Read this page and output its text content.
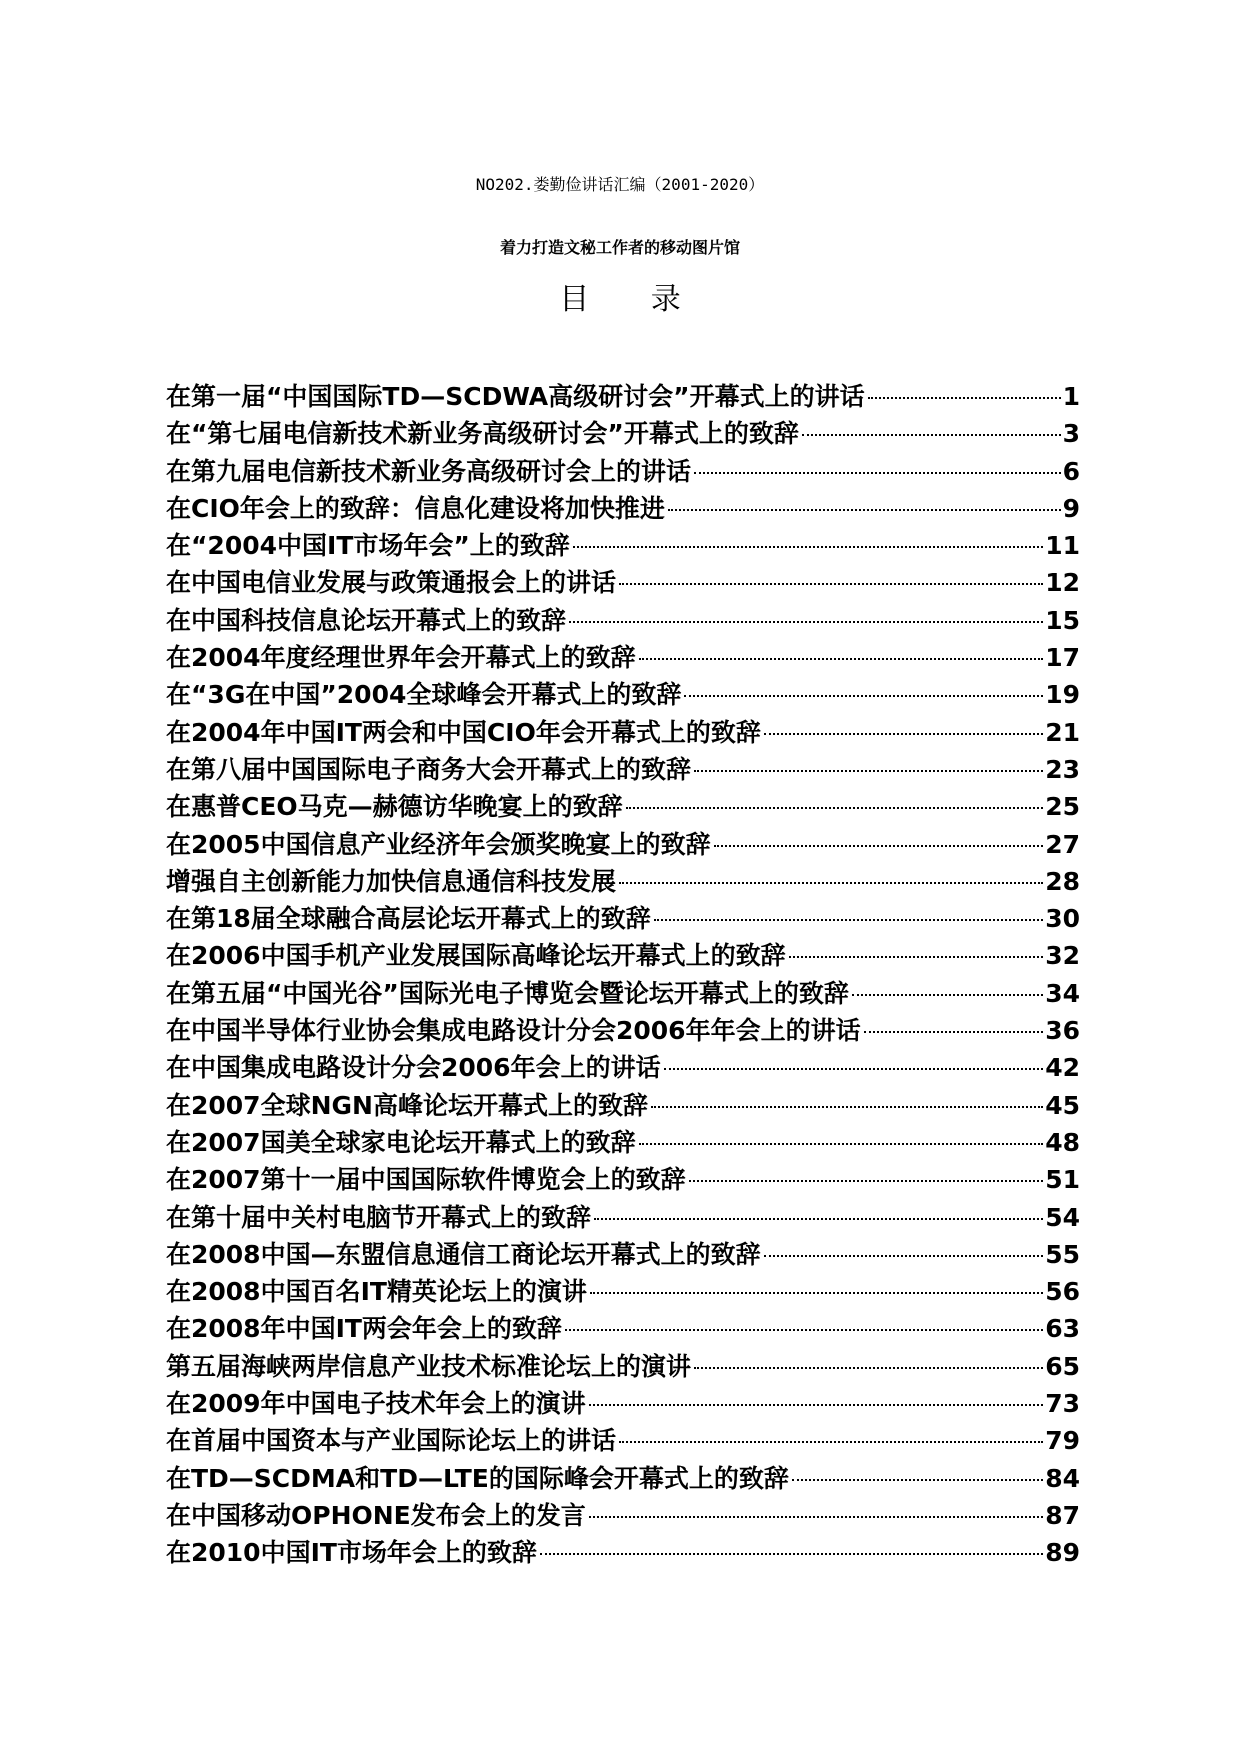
NO202.娄勤俭讲话汇编（2001-2020）
着力打造文秘工作者的移动图片馆
目 录
在第一届“中国国际TD—SCDWA高级研讨会”开幕式上的讲话	1
在“第七届电信新技术新业务高级研讨会”开幕式上的致辞	3
在第九届电信新技术新业务高级研讨会上的讲话	6
在CIO年会上的致辞：信息化建设将加快推进	9
在“2004中国IT市场年会”上的致辞	11
在中国电信业发展与政策通报会上的讲话	12
在中国科技信息论坛开幕式上的致辞	15
在2004年度经理世界年会开幕式上的致辞	17
在“3G在中国”2004全球峰会开幕式上的致辞	19
在2004年中国IT两会和中国CIO年会开幕式上的致辞	21
在第八届中国国际电子商务大会开幕式上的致辞	23
在惠普CEO马克—赫德访华晚宴上的致辞	25
在2005中国信息产业经济年会颁奖晚宴上的致辞	27
增强自主创新能力加快信息通信科技发展	28
在第18届全球融合高层论坛开幕式上的致辞	30
在2006中国手机产业发展国际高峰论坛开幕式上的致辞	32
在第五届“中国光谷”国际光电子博览会暨论坛开幕式上的致辞	34
在中国半导体行业协会集成电路设计分会2006年年会上的讲话	36
在中国集成电路设计分会2006年会上的讲话	42
在2007全球NGN高峰论坛开幕式上的致辞	45
在2007国美全球家电论坛开幕式上的致辞	48
在2007第十一届中国国际软件博览会上的致辞	51
在第十届中关村电脑节开幕式上的致辞	54
在2008中国—东盟信息通信工商论坛开幕式上的致辞	55
在2008中国百名IT精英论坛上的演讲	56
在2008年中国IT两会年会上的致辞	63
第五届海峡两岸信息产业技术标准论坛上的演讲	65
在2009年中国电子技术年会上的演讲	73
在首届中国资本与产业国际论坛上的讲话	79
在TD—SCDMA和TD—LTE的国际峰会开幕式上的致辞	84
在中国移动OPHONE发布会上的发言	87
在2010中国IT市场年会上的致辞	89
